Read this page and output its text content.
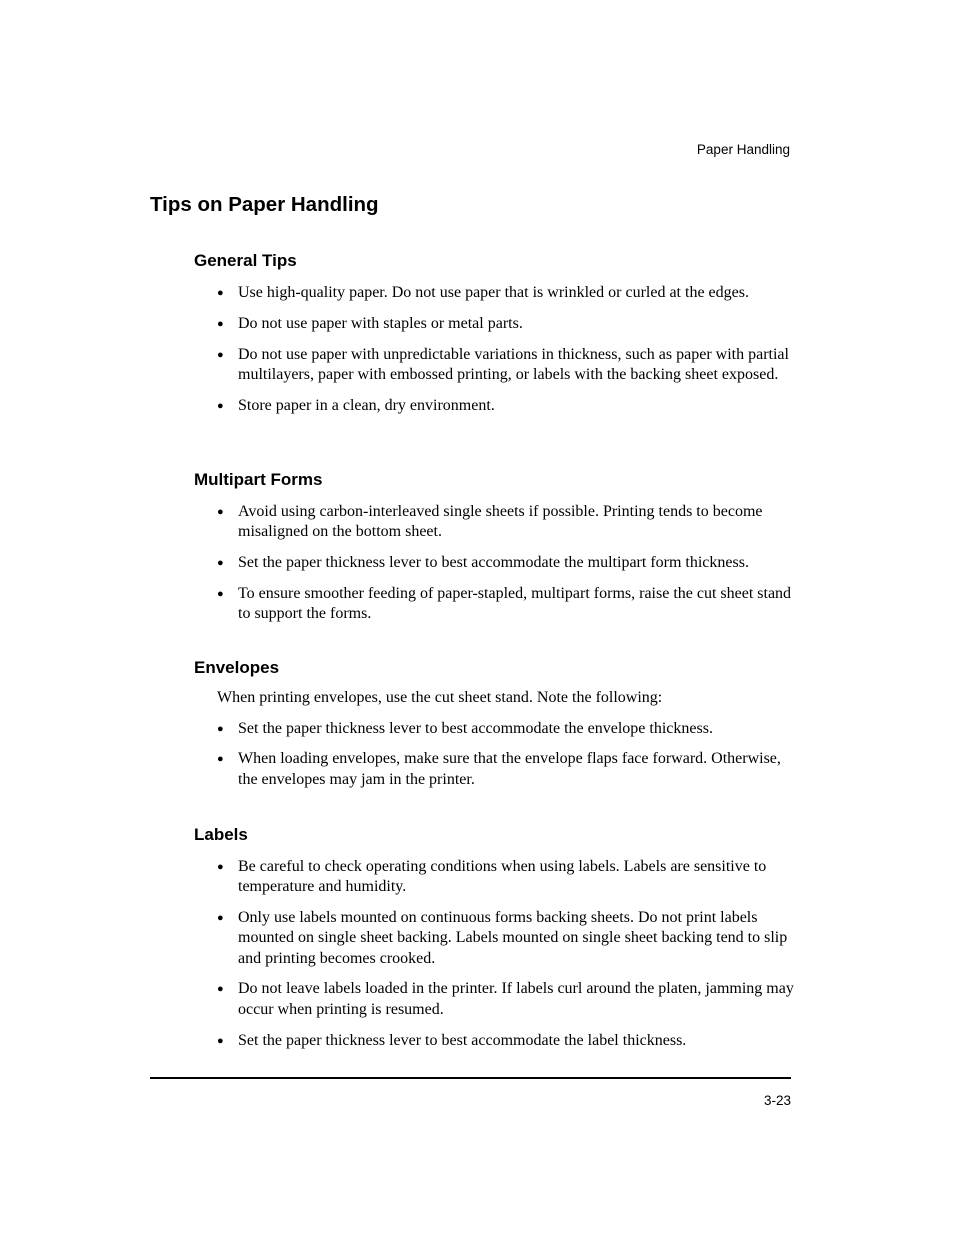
Paper Handling
Tips on Paper Handling
General Tips
● Use high-quality paper. Do not use paper that is wrinkled or curled at the edges.
● Do not use paper with staples or metal parts.
● Do not use paper with unpredictable variations in thickness, such as paper with partial multilayers, paper with embossed printing, or labels with the backing sheet exposed.
● Store paper in a clean, dry environment.
Multipart Forms
● Avoid using carbon-interleaved single sheets if possible. Printing tends to become misaligned on the bottom sheet.
● Set the paper thickness lever to best accommodate the multipart form thickness.
● To ensure smoother feeding of paper-stapled, multipart forms, raise the cut sheet stand to support the forms.
Envelopes

When printing envelopes, use the cut sheet stand. Note the following:

● Set the paper thickness lever to best accommodate the envelope thickness.
● When loading envelopes, make sure that the envelope flaps face forward. Otherwise, the envelopes may jam in the printer.
Labels
● Be careful to check operating conditions when using labels. Labels are sensitive to temperature and humidity.
● Only use labels mounted on continuous forms backing sheets. Do not print labels mounted on single sheet backing. Labels mounted on single sheet backing tend to slip and printing becomes crooked.
● Do not leave labels loaded in the printer. If labels curl around the platen, jamming may occur when printing is resumed.
● Set the paper thickness lever to best accommodate the label thickness.
3-23
